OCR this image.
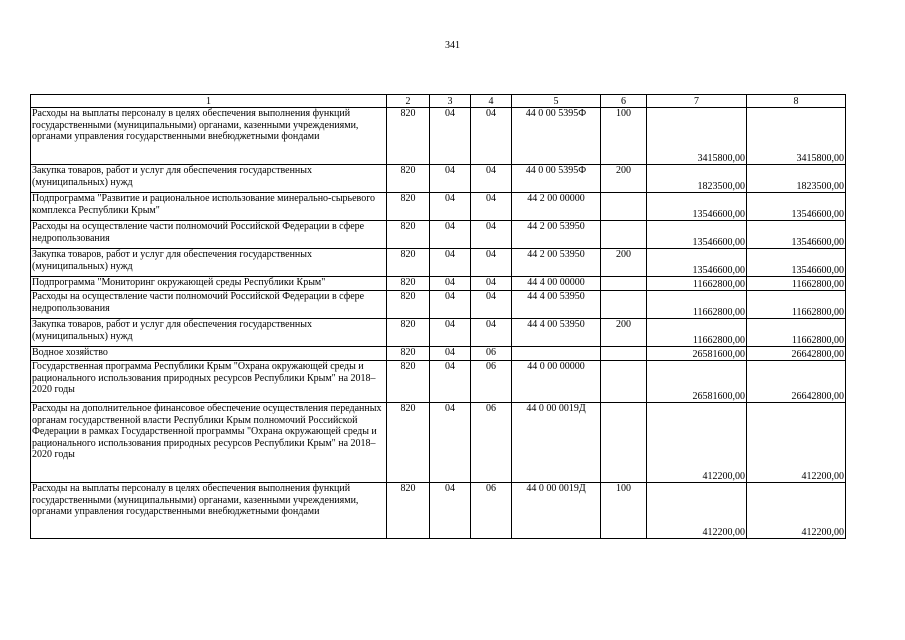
341
1	2	3	4	5	6	7	8
Расходы на выплаты персоналу в целях обеспечения выполнения функций государственными (муниципальными) органами, казенными учреждениями, органами управления государственными внебюджетными фондами	820	04	04	44 0 00 5395Ф	100	3415800,00	3415800,00
Закупка товаров, работ и услуг для обеспечения государственных (муниципальных) нужд	820	04	04	44 0 00 5395Ф	200	1823500,00	1823500,00
Подпрограмма "Развитие и рациональное использование минерально-сырьевого комплекса Республики Крым"	820	04	04	44 2 00 00000		13546600,00	13546600,00
Расходы на осуществление части полномочий Российской Федерации в сфере недропользования	820	04	04	44 2 00 53950		13546600,00	13546600,00
Закупка товаров, работ и услуг для обеспечения государственных (муниципальных) нужд	820	04	04	44 2 00 53950	200	13546600,00	13546600,00
Подпрограмма "Мониторинг окружающей среды Республики Крым"	820	04	04	44 4 00 00000		11662800,00	11662800,00
Расходы на осуществление части полномочий Российской Федерации в сфере недропользования	820	04	04	44 4 00 53950		11662800,00	11662800,00
Закупка товаров, работ и услуг для обеспечения государственных (муниципальных) нужд	820	04	04	44 4 00 53950	200	11662800,00	11662800,00
Водное хозяйство	820	04	06			26581600,00	26642800,00
Государственная программа Республики Крым "Охрана окружающей среды и рационального использования природных ресурсов Республики Крым" на 2018–2020 годы	820	04	06	44 0 00 00000		26581600,00	26642800,00
Расходы на дополнительное финансовое обеспечение осуществления переданных органам государственной власти Республики Крым полномочий Российской Федерации в рамках Государственной программы "Охрана окружающей среды и рационального использования природных ресурсов Республики Крым" на 2018–2020 годы	820	04	06	44 0 00 0019Д		412200,00	412200,00
Расходы на выплаты персоналу в целях обеспечения выполнения функций государственными (муниципальными) органами, казенными учреждениями, органами управления государственными внебюджетными фондами	820	04	06	44 0 00 0019Д	100	412200,00	412200,00
